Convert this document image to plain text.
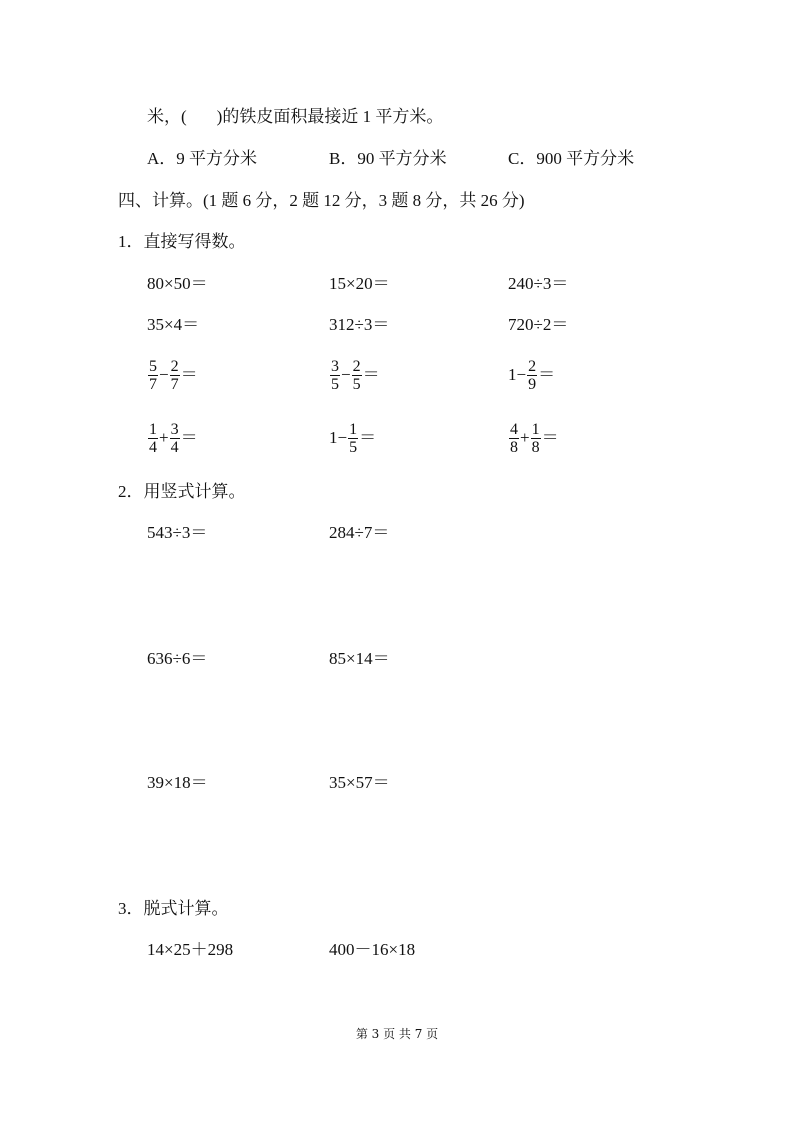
米，( )的铁皮面积最接近 1 平方米。
A．9 平方分米	B．90 平方分米	C．900 平方分米
四、计算。(1 题 6 分，2 题 12 分，3 题 8 分，共 26 分)
1．直接写得数。
80×50＝	15×20＝	240÷3＝
35×4＝	312÷3＝	720÷2＝
$\frac{5}{7} - \frac{2}{7}$ ＝	$\frac{3}{5} - \frac{2}{5}$ ＝	$1- \frac{2}{9}$ ＝
$\frac{1}{4} + \frac{3}{4}$ ＝	$1- \frac{1}{5}$ ＝	$\frac{4}{8} + \frac{1}{8}$ ＝
2．用竖式计算。
543÷3＝	284÷7＝
636÷6＝	85×14＝
39×18＝	35×57＝
3．脱式计算。
14×25＋298	400－16×18
第 3 页 共 7 页
